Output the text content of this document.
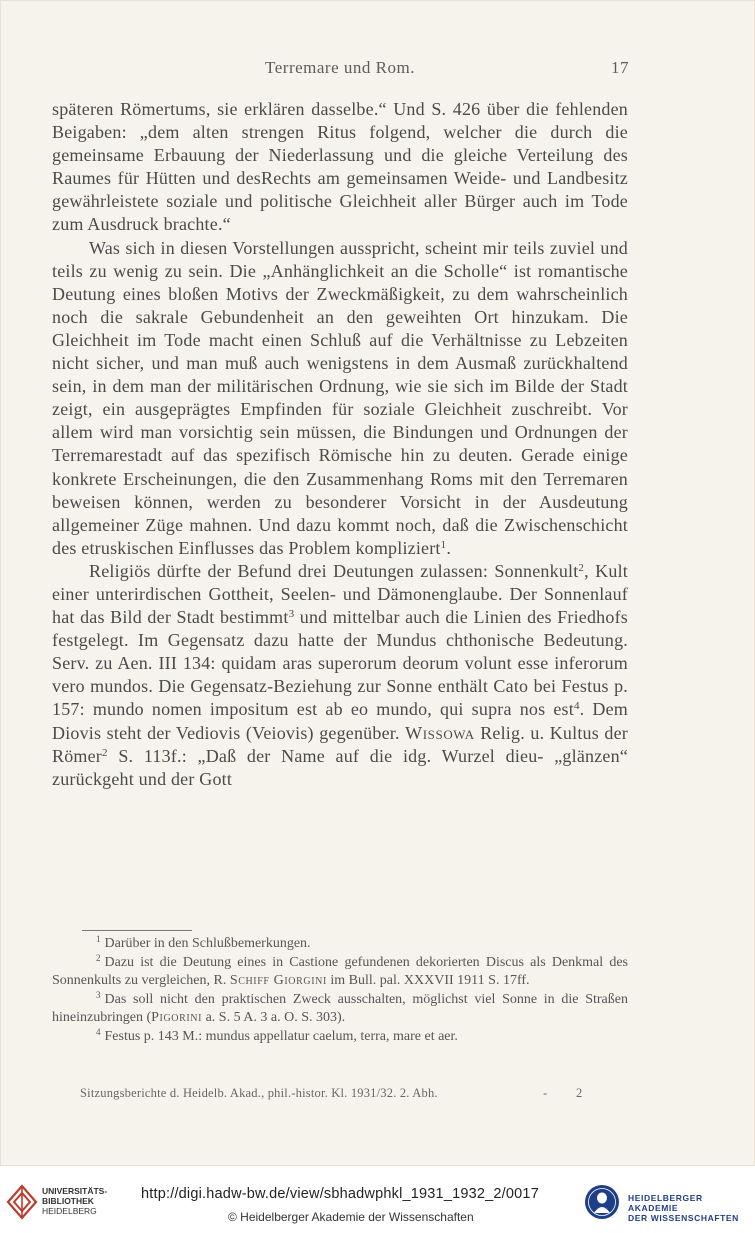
Terremare und Rom.	17

späteren Römertums, sie erklären dasselbe.“ Und S. 426 über die fehlenden Beigaben: „dem alten strengen Ritus folgend, welcher die durch die gemeinsame Erbauung der Niederlassung und die gleiche Verteilung des Raumes für Hütten und desRechts am gemeinsamen Weide- und Landbesitz gewährleistete soziale und politische Gleichheit aller Bürger auch im Tode zum Ausdruck brachte.“

Was sich in diesen Vorstellungen ausspricht, scheint mir teils zuviel und teils zu wenig zu sein. Die „Anhänglichkeit an die Scholle“ ist romantische Deutung eines bloßen Motivs der Zweckmäßigkeit, zu dem wahrscheinlich noch die sakrale Gebundenheit an den geweihten Ort hinzukam. Die Gleichheit im Tode macht einen Schluß auf die Verhältnisse zu Lebzeiten nicht sicher, und man muß auch wenigstens in dem Ausmaß zurückhaltend sein, in dem man der militärischen Ordnung, wie sie sich im Bilde der Stadt zeigt, ein ausgeprägtes Empfinden für soziale Gleichheit zuschreibt. Vor allem wird man vorsichtig sein müssen, die Bindungen und Ordnungen der Terremarestadt auf das spezifisch Römische hin zu deuten. Gerade einige konkrete Erscheinungen, die den Zusammenhang Roms mit den Terremaren beweisen können, werden zu besonderer Vorsicht in der Ausdeutung allgemeiner Züge mahnen. Und dazu kommt noch, daß die Zwischenschicht des etruskischen Einflusses das Problem kompliziert$^1$.

Religiös dürfte der Befund drei Deutungen zulassen: Sonnenkult$^2$, Kult einer unterirdischen Gottheit, Seelen- und Dämonenglaube. Der Sonnenlauf hat das Bild der Stadt bestimmt$^3$ und mittelbar auch die Linien des Friedhofs festgelegt. Im Gegensatz dazu hatte der Mundus chthonische Bedeutung. Serv. zu Aen. III 134: quidam aras superorum deorum volunt esse inferorum vero mundos. Die Gegensatz-Beziehung zur Sonne enthält Cato bei Festus p. 157: mundo nomen impositum est ab eo mundo, qui supra nos est$^4$. Dem Diovis steht der Vediovis (Veiovis) gegenüber. Wissowa Relig. u. Kultus der Römer$^2$ S. 113f.: „Daß der Name auf die idg. Wurzel dieu- „glänzen“ zurückgeht und der Gott

$^1$ Darüber in den Schlußbemerkungen.

$^2$ Dazu ist die Deutung eines in Castione gefundenen dekorierten Discus als Denkmal des Sonnenkults zu vergleichen, R. Schiff Giorgini im Bull. pal. XXXVII 1911 S. 17ff.

$^3$ Das soll nicht den praktischen Zweck ausschalten, möglichst viel Sonne in die Straßen hineinzubringen (Pigorini a. S. 5 A. 3 a. O. S. 303).

$^4$ Festus p. 143 M.: mundus appellatur caelum, terra, mare et aer.

Sitzungsberichte d. Heidelb. Akad., phil.-histor. Kl. 1931/32. 2. Abh.	- 2
UNIVERSITÄTS-
BIBLIOTHEK
HEIDELBERG
http://digi.hadw-bw.de/view/sbhadwphkl_1931_1932_2/0017
© Heidelberger Akademie der Wissenschaften
HEIDELBERGER AKADEMIE
DER WISSENSCHAFTEN
